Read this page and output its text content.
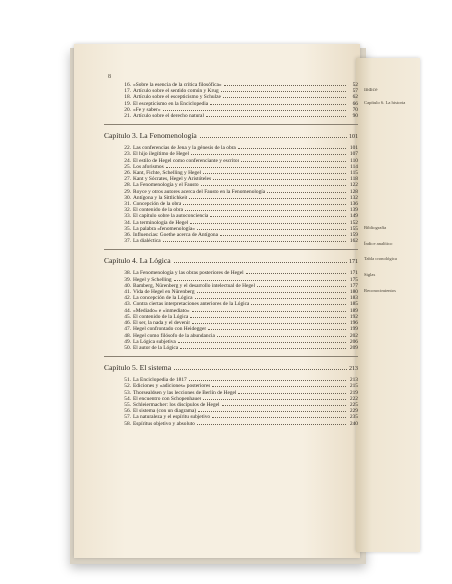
Índice
Capítulo 6. La historia
Bibliografía
Índice analítico
Tabla cronológica
Siglas
Reconocimientos
8
16. «Sobre la esencia de la crítica filosófica»	52
17. Artículo sobre el sentido común y Krug	57
18. Artículo sobre el escepticismo y Schulze	62
19. El escepticismo en la Enciclopedia	66
20. «Fe y saber»	70
21. Artículo sobre el derecho natural	90
Capítulo 3. La Fenomenología	101
22. Las conferencias de Jena y la génesis de la obra	101
23. El hijo ilegítimo de Hegel	107
24. El estilo de Hegel como conferenciante y escritor	110
25. Los aforismos	114
26. Kant, Fichte, Schelling y Hegel	115
27. Kant y Sócrates, Hegel y Aristóteles	118
28. La Fenomenología y el Fausto	122
29. Royce y otros autores acerca del Fausto en la Fenomenología	128
30. Antígona y la Sittlichkeit	132
31. Concepción de la obra	136
32. El contenido de la obra	139
33. El capítulo sobre la autoconciencia	149
34. La terminología de Hegel	152
35. La palabra «fenomenología»	155
36. Influencias: Goethe acerca de Antígona	159
37. La dialéctica	162
Capítulo 4. La Lógica	171
38. La Fenomenología y las obras posteriores de Hegel	171
39. Hegel y Schelling	175
40. Bamberg, Nürenberg y el desarrollo intelectual de Hegel	177
41. Vida de Hegel en Nürenberg	180
42. La concepción de la Lógica	183
43. Contra ciertas interpretaciones anteriores de la Lógica	185
44. «Mediado» e «inmediato»	189
45. El contenido de la Lógica	192
46. El ser, la nada y el devenir	196
47. Hegel confrontado con Heidegger	199
48. Hegel como filósofo de la abundancia	202
49. La Lógica subjetiva	206
50. El autor de la Lógica	209
Capítulo 5. El sistema	213
51. La Enciclopedia de 1817	213
52. Ediciones y «adiciones» posteriores	215
53. Thorsealdsen y las lecciones de Berlín de Hegel	219
54. El encuentro con Schopenhauer	222
55. Schleiermacher: los discípulos de Hegel	225
56. El sistema (con un diagrama)	229
57. La naturaleza y el espíritu subjetivo	235
58. Espíritus objetivo y absoluto	240
